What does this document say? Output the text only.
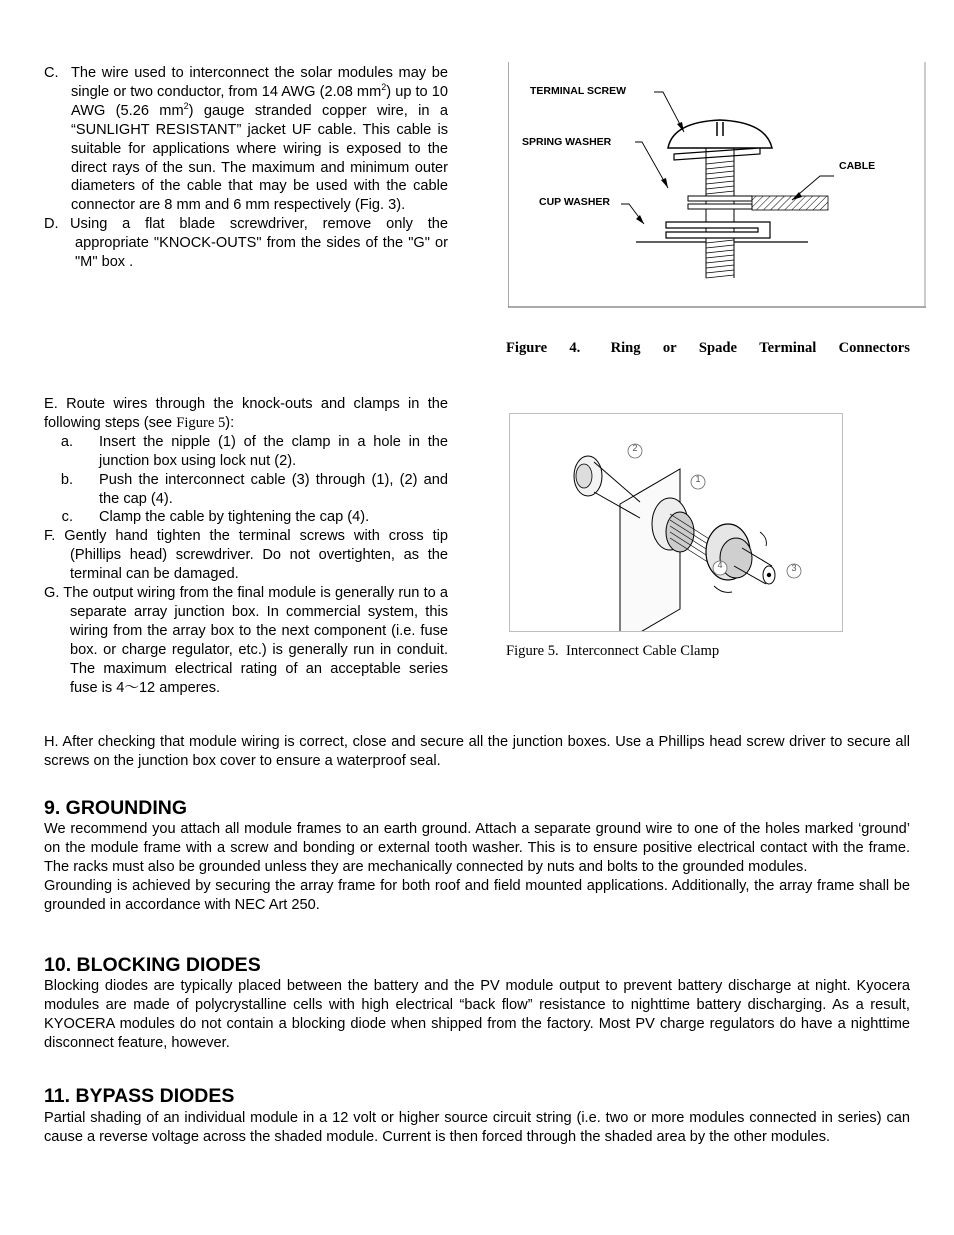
C. The wire used to interconnect the solar modules may be single or two conductor, from 14 AWG (2.08 $mm^2$) up to 10 AWG (5.26 $mm^2$) gauge stranded copper wire, in a “SUNLIGHT RESISTANT” jacket UF cable. This cable is suitable for applications where wiring is exposed to the direct rays of the sun. The maximum and minimum outer diameters of the cable that may be used with the cable connector are 8 mm and 6 mm respectively (Fig. 3).
D. Using a flat blade screwdriver, remove only the appropriate "KNOCK-OUTS" from the sides of the "G" or "M" box .
TERMINAL SCREW
SPRING WASHER
CUP WASHER
CABLE
Figure 4. Ring or Spade Terminal Connectors
E. Route wires through the knock-outs and clamps in the following steps (see Figure 5):
a.	Insert the nipple (1) of the clamp in a hole in the junction box using lock nut (2).
b.	Push the interconnect cable (3) through (1), (2) and the cap (4).
c.	Clamp the cable by tightening the cap (4).
F. Gently hand tighten the terminal screws with cross tip (Phillips head) screwdriver. Do not overtighten, as the terminal can be damaged.
G. The output wiring from the final module is generally run to a separate array junction box. In commercial system, this wiring from the array box to the next component (i.e. fuse box. or charge regulator, etc.) is generally run in conduit. The maximum electrical rating of an acceptable series fuse is 4～12 amperes.
2
1
3
4
Figure 5.  Interconnect Cable Clamp
H. After checking that module wiring is correct, close and secure all the junction boxes. Use a Phillips head screw driver to secure all screws on the junction box cover to ensure a waterproof seal.
9. GROUNDING
We recommend you attach all module frames to an earth ground. Attach a separate ground wire to one of the holes marked ‘ground’ on the module frame with a screw and bonding or external tooth washer. This is to ensure positive electrical contact with the frame. The racks must also be grounded unless they are mechanically connected by nuts and bolts to the grounded modules.
Grounding is achieved by securing the array frame for both roof and field mounted applications. Additionally, the array frame shall be grounded in accordance with NEC Art 250.
10. BLOCKING DIODES
Blocking diodes are typically placed between the battery and the PV module output to prevent battery discharge at night. Kyocera modules are made of polycrystalline cells with high electrical “back flow” resistance to nighttime battery discharging. As a result, KYOCERA modules do not contain a blocking diode when shipped from the factory. Most PV charge regulators do have a nighttime disconnect feature, however.
11. BYPASS DIODES
Partial shading of an individual module in a 12 volt or higher source circuit string (i.e. two or more modules connected in series) can cause a reverse voltage across the shaded module. Current is then forced through the shaded area by the other modules.
